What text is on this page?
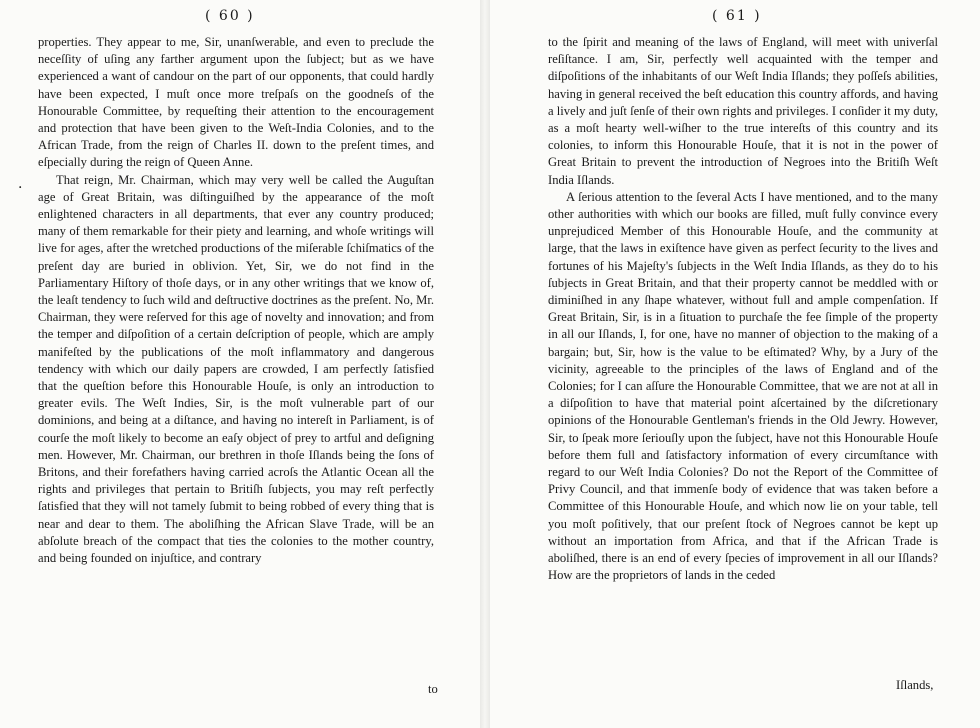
( 60 )
·

properties. They appear to me, Sir, unanſwerable, and even to preclude the neceſſity of uſing any farther argument upon the ſubject; but as we have experienced a want of candour on the part of our opponents, that could hardly have been expected, I muſt once more treſpaſs on the goodneſs of the Honourable Committee, by requeſting their attention to the encouragement and protection that have been given to the Weſt-India Colonies, and to the African Trade, from the reign of Charles II. down to the preſent times, and eſpecially during the reign of Queen Anne.

That reign, Mr. Chairman, which may very well be called the Auguſtan age of Great Britain, was diſtinguiſhed by the appearance of the moſt enlightened characters in all departments, that ever any country produced; many of them remarkable for their piety and learning, and whoſe writings will live for ages, after the wretched productions of the miſerable ſchiſmatics of the preſent day are buried in oblivion. Yet, Sir, we do not find in the Parliamentary Hiſtory of thoſe days, or in any other writings that we know of, the leaſt tendency to ſuch wild and deſtructive doctrines as the preſent. No, Mr. Chairman, they were reſerved for this age of novelty and innovation; and from the temper and diſpoſition of a certain deſcription of people, which are amply manifeſted by the publications of the moſt inflammatory and dangerous tendency with which our daily papers are crowded, I am perfectly ſatisfied that the queſtion before this Honourable Houſe, is only an introduction to greater evils. The Weſt Indies, Sir, is the moſt vulnerable part of our dominions, and being at a diſtance, and having no intereſt in Parliament, is of courſe the moſt likely to become an eaſy object of prey to artful and deſigning men. However, Mr. Chairman, our brethren in thoſe Iſlands being the ſons of Britons, and their forefathers having carried acroſs the Atlantic Ocean all the rights and privileges that pertain to Britiſh ſubjects, you may reſt perfectly ſatisfied that they will not tamely ſubmit to being robbed of every thing that is near and dear to them. The aboliſhing the African Slave Trade, will be an abſolute breach of the compact that ties the colonies to the mother country, and being founded on injuſtice, and contrary

to
( 61 )

to the ſpirit and meaning of the laws of England, will meet with univerſal reſiſtance. I am, Sir, perfectly well acquainted with the temper and diſpoſitions of the inhabitants of our Weſt India Iſlands; they poſſeſs abilities, having in general received the beſt education this country affords, and having a lively and juſt ſenſe of their own rights and privileges. I conſider it my duty, as a moſt hearty well-wiſher to the true intereſts of this country and its colonies, to inform this Honourable Houſe, that it is not in the power of Great Britain to prevent the introduction of Negroes into the Britiſh Weſt India Iſlands.

A ſerious attention to the ſeveral Acts I have mentioned, and to the many other authorities with which our books are filled, muſt fully convince every unprejudiced Member of this Honourable Houſe, and the community at large, that the laws in exiſtence have given as perfect ſecurity to the lives and fortunes of his Majeſty's ſubjects in the Weſt India Iſlands, as they do to his ſubjects in Great Britain, and that their property cannot be meddled with or diminiſhed in any ſhape whatever, without full and ample compenſation. If Great Britain, Sir, is in a ſituation to purchaſe the fee ſimple of the property in all our Iſlands, I, for one, have no manner of objection to the making of a bargain; but, Sir, how is the value to be eſtimated? Why, by a Jury of the vicinity, agreeable to the principles of the laws of England and of the Colonies; for I can aſſure the Honourable Committee, that we are not at all in a diſpoſition to have that material point aſcertained by the diſcretionary opinions of the Honourable Gentleman's friends in the Old Jewry. However, Sir, to ſpeak more ſeriouſly upon the ſubject, have not this Honourable Houſe before them full and ſatisfactory information of every circumſtance with regard to our Weſt India Colonies? Do not the Report of the Committee of Privy Council, and that immenſe body of evidence that was taken before a Committee of this Honourable Houſe, and which now lie on your table, tell you moſt poſitively, that our preſent ſtock of Negroes cannot be kept up without an importation from Africa, and that if the African Trade is aboliſhed, there is an end of every ſpecies of improvement in all our Iſlands? How are the proprietors of lands in the ceded

Iſlands,
